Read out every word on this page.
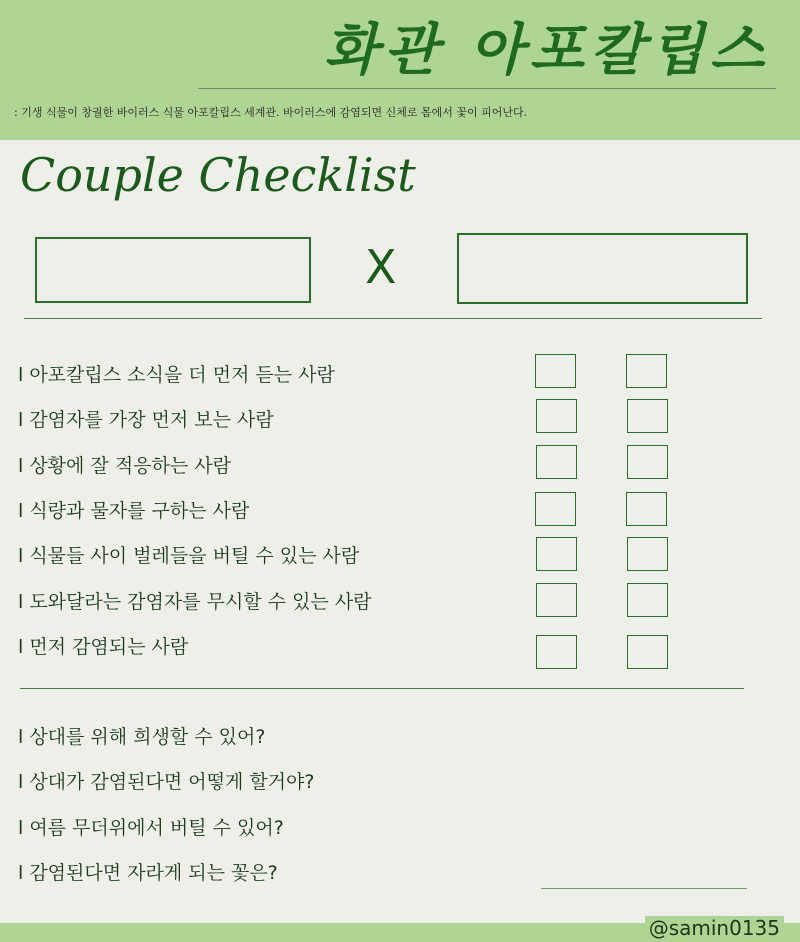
화관 아포칼립스
: 기생 식물이 창궐한 바이러스 식물 아포칼립스 세계관. 바이러스에 감염되면 신체로 몸에서 꽃이 피어난다.
Couple Checklist
X
l 아포칼립스 소식을 더 먼저 듣는 사람
l 감염자를 가장 먼저 보는 사람
l 상황에 잘 적응하는 사람
l 식량과 물자를 구하는 사람
l 식물들 사이 벌레들을 버틸 수 있는 사람
l 도와달라는 감염자를 무시할 수 있는 사람
l 먼저 감염되는 사람
l 상대를 위해 희생할 수 있어?
l 상대가 감염된다면 어떻게 할거야?
l 여름 무더위에서 버틸 수 있어?
l 감염된다면 자라게 되는 꽃은?
@samin0135
